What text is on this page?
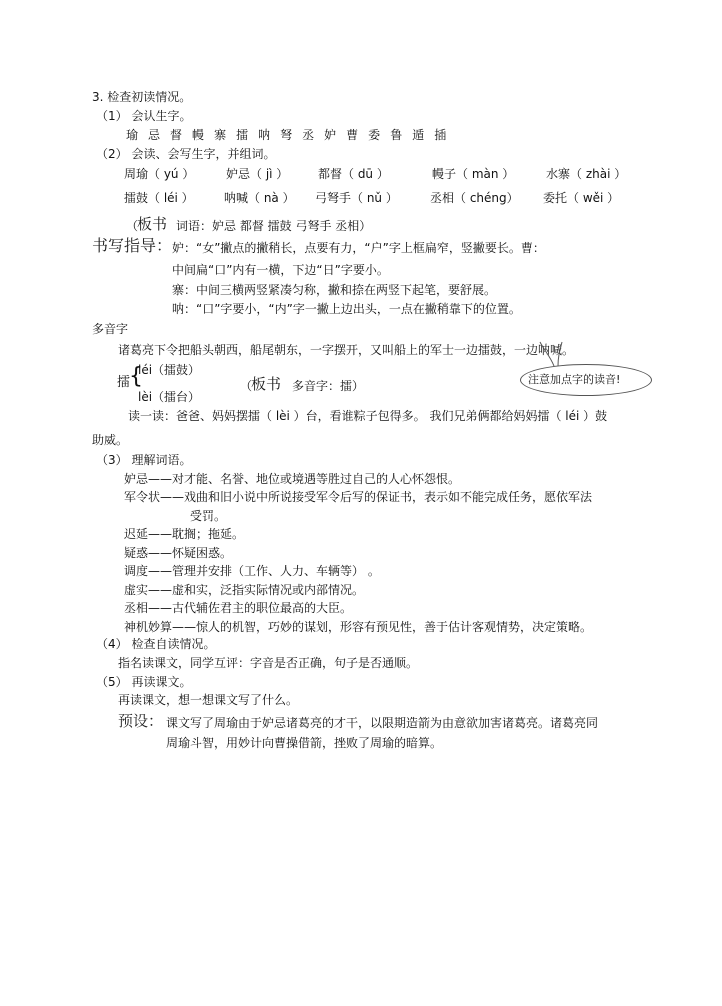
3. 检查初读情况。
（1） 会认生字。
瑜 忌 督 幔 寨 擂 呐 弩 丞 妒 曹 委 鲁 遁 插
（2） 会读、会写生字，并组词。
周瑜（ yú ）	妒忌（ jì ）	都督（ dū ）	幔子（ màn ）	水寨（ zhài ）
擂鼓（ léi ）	呐喊（ nà ）	弓弩手（ nǔ ）	丞相（ chéng）	委托（ wěi ）
（
板书 词语：妒忌 都督 擂鼓 弓弩手 丞相）
书写指导： 妒：“女”撇点的撇稍长，点要有力，“户”字上框扁窄，竖撇要长。曹：
中间扁“口”内有一横，下边“日”字要小。
寨：中间三横两竖紧凑匀称，撇和捺在两竖下起笔，要舒展。
呐：“口”字要小，“内”字一撇上边出头，一点在撇稍靠下的位置。
多音字
诸葛亮下令把船头朝西，船尾朝东，一字摆开，又叫船上的军士一边擂鼓，一边呐喊。
擂
{
léi（擂鼓）
lèi（擂台）
（
板书 多音字：擂）	注意加点字的读音!
读一读：爸爸、妈妈摆擂（ lèi ）台，看谁粽子包得多。 我们兄弟俩都给妈妈擂（ léi ）鼓
助威。
（3） 理解词语。
妒忌——对才能、名誉、地位或境遇等胜过自己的人心怀怨恨。
军令状——戏曲和旧小说中所说接受军令后写的保证书，表示如不能完成任务，愿依军法
受罚。
迟延——耽搁；拖延。
疑惑——怀疑困惑。
调度——管理并安排（工作、人力、车辆等） 。
虚实——虚和实，泛指实际情况或内部情况。
丞相——古代辅佐君主的职位最高的大臣。
神机妙算——惊人的机智，巧妙的谋划，形容有预见性，善于估计客观情势，决定策略。
（4） 检查自读情况。
指名读课文，同学互评：字音是否正确，句子是否通顺。
（5） 再读课文。
再读课文，想一想课文写了什么。
预设： 课文写了周瑜由于妒忌诸葛亮的才干，以限期造箭为由意欲加害诸葛亮。诸葛亮同
周瑜斗智，用妙计向曹操借箭，挫败了周瑜的暗算。
